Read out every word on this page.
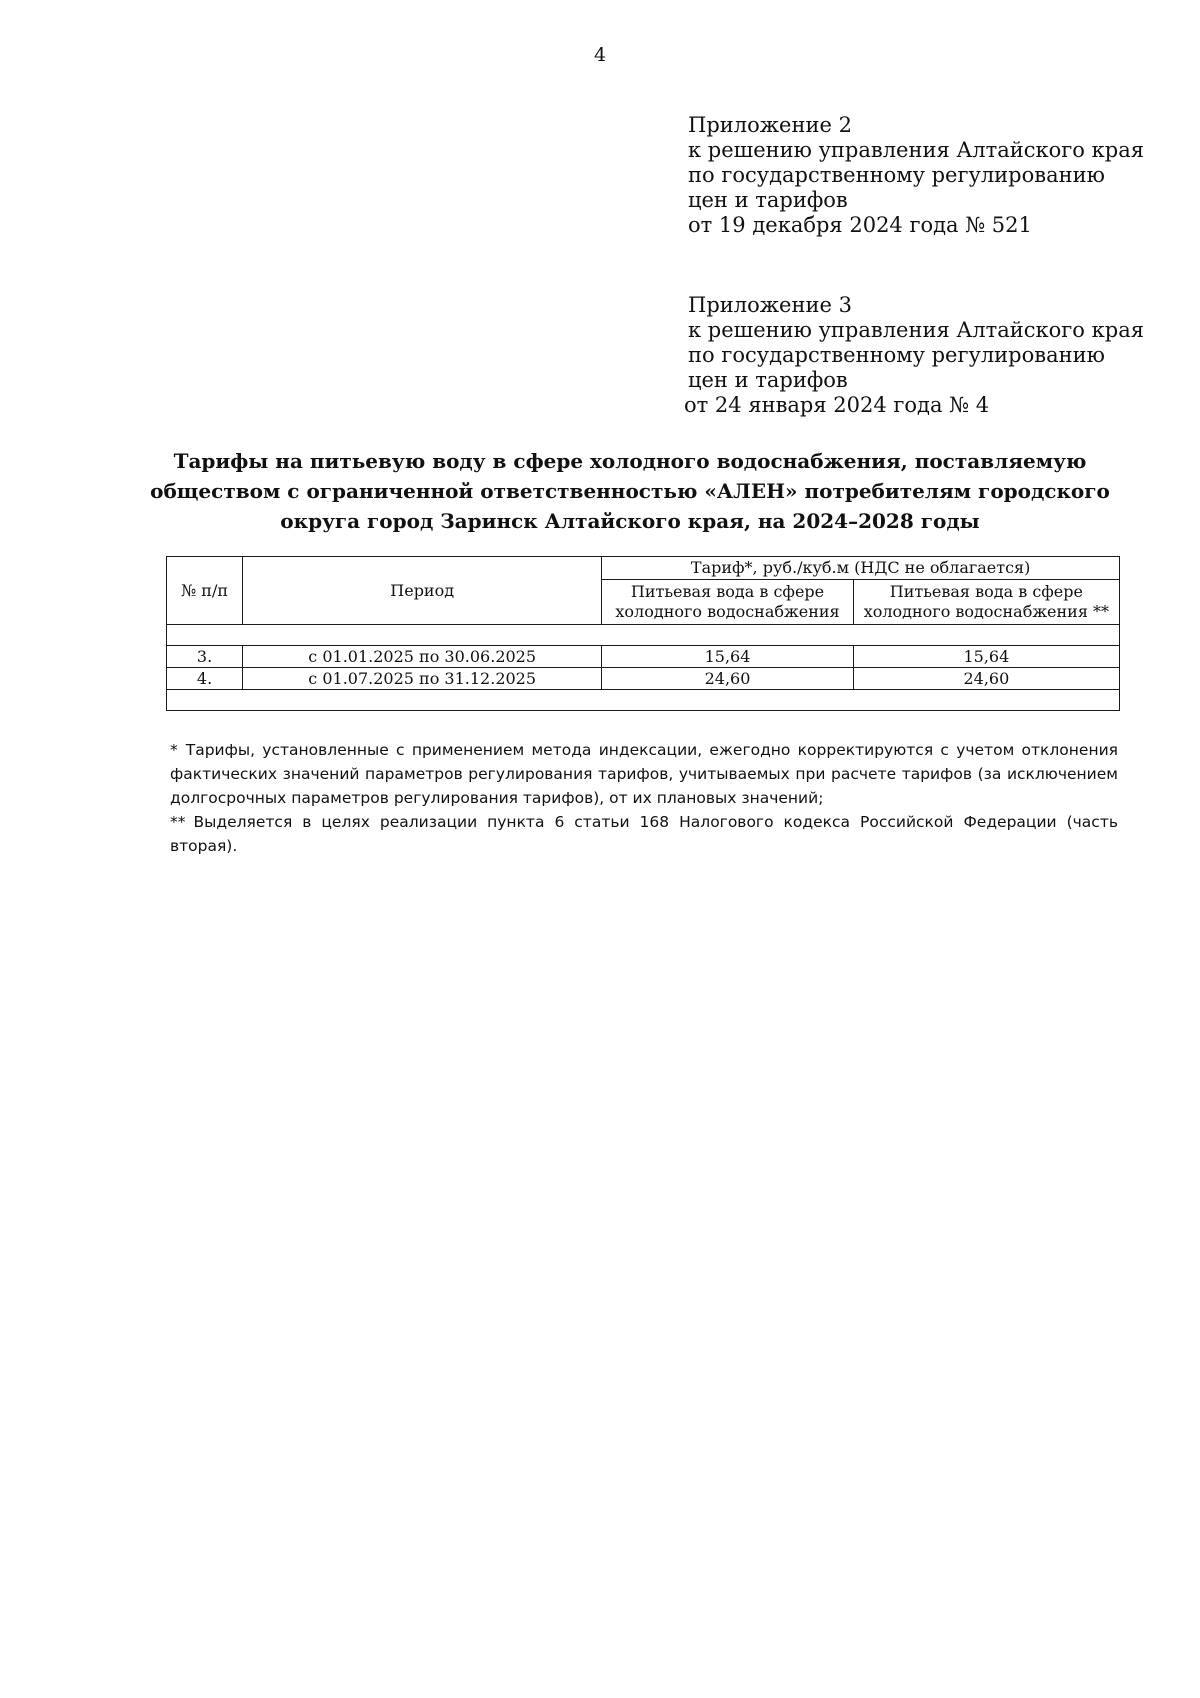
4
Приложение 2
к решению управления Алтайского края
по государственному регулированию
цен и тарифов
от 19 декабря 2024 года № 521
Приложение 3
к решению управления Алтайского края
по государственному регулированию
цен и тарифов
от 24 января 2024 года № 4
Тарифы на питьевую воду в сфере холодного водоснабжения, поставляемую
обществом с ограниченной ответственностью «АЛЕН» потребителям городского
округа город Заринск Алтайского края, на 2024–2028 годы
№ п/п	Период	Тариф*, руб./куб.м (НДС не облагается)	
		Питьевая вода в сфере холодного водоснабжения	Питьевая вода в сфере холодного водоснабжения **

3.	с 01.01.2025 по 30.06.2025	15,64	15,64
4.	с 01.07.2025 по 31.12.2025	24,60	24,60

* Тарифы, установленные с применением метода индексации, ежегодно корректируются с учетом отклонения фактических значений параметров регулирования тарифов, учитываемых при расчете тарифов (за исключением долгосрочных параметров регулирования тарифов), от их плановых значений;

** Выделяется в целях реализации пункта 6 статьи 168 Налогового кодекса Российской Федерации (часть вторая).
